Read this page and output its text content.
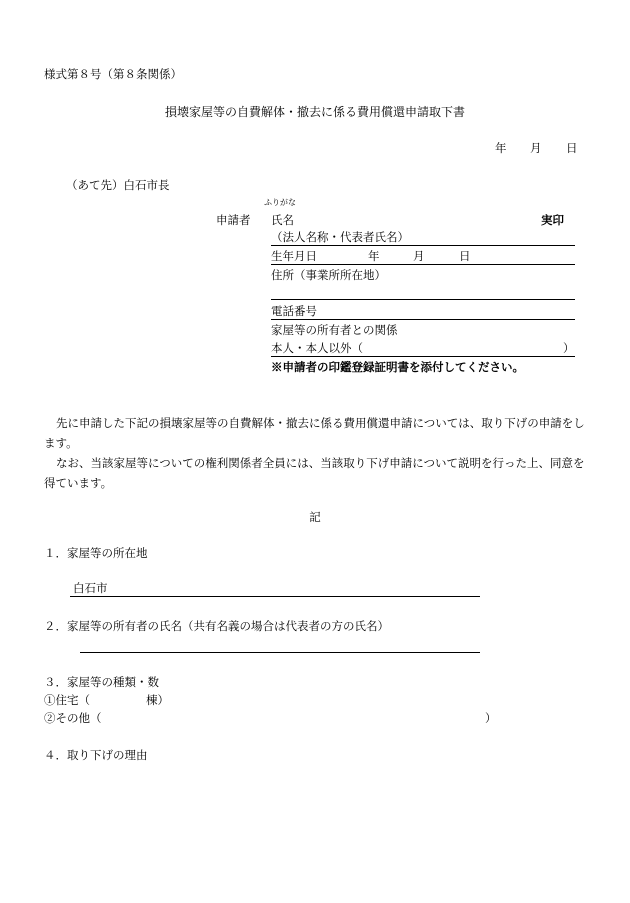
様式第８号（第８条関係）
損壊家屋等の自費解体・撤去に係る費用償還申請取下書
年 月 日
（あて先）白石市長
ふりがな
申請者 氏名	実印
（法人名称・代表者氏名）
生年月日	年	月	日
住所（事業所所在地）
電話番号
家屋等の所有者との関係
本人・本人以外（	）
※申請者の印鑑登録証明書を添付してください。
先に申請した下記の損壊家屋等の自費解体・撤去に係る費用償還申請については、取り下げの申請をします。
なお、当該家屋等についての権利関係者全員には、当該取り下げ申請について説明を行った上、同意を得ています。
記
１．家屋等の所在地
白石市
２．家屋等の所有者の氏名（共有名義の場合は代表者の方の氏名）
３．家屋等の種類・数
①住宅（	棟）
②その他（	）
４．取り下げの理由
